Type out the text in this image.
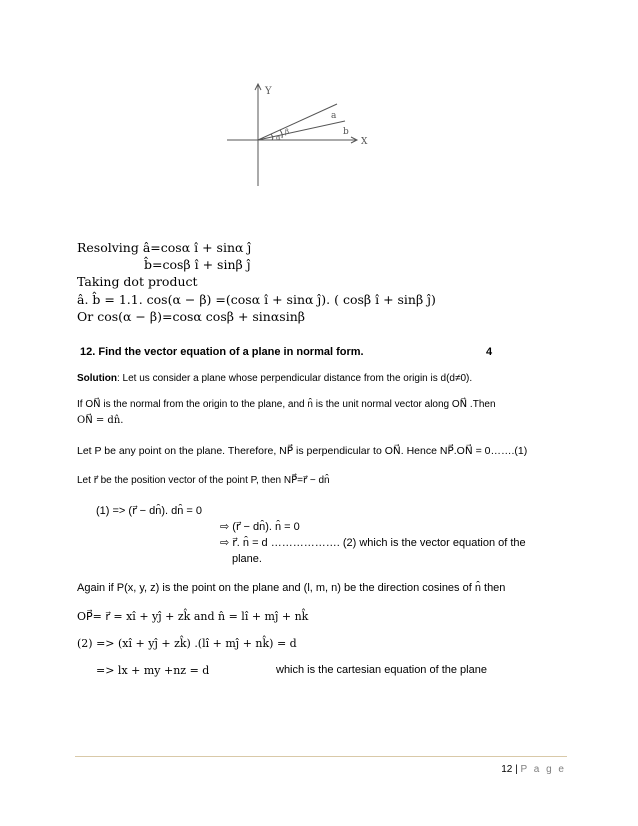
Y
X
a
b
α
β
Resolving â=cosα î + sinα ĵ
b̂=cosβ î + sinβ ĵ
Taking dot product
â. b̂ = 1.1. cos(α − β) =(cosα î + sinα ĵ). ( cosβ î + sinβ ĵ)
Or cos(α − β)=cosα cosβ + sinαsinβ
12. Find the vector equation of a plane in normal form.	4
Solution: Let us consider a plane whose perpendicular distance from the origin is d(d≠0).
If ON⃗ is the normal from the origin to the plane, and n̂ is the unit normal vector along ON⃗ .Then
ON⃗ = dn̂.
Let P be any point on the plane. Therefore, NP⃗ is perpendicular to ON⃗. Hence NP⃗.ON⃗ = 0…….(1)
Let r⃗ be the position vector of the point P, then NP⃗=r⃗ − dn̂
(1) => (r⃗ − dn̂). dn̂ = 0
⇨ (r⃗ − dn̂). n̂ = 0
⇨ r⃗. n̂ = d ………………. (2) which is the vector equation of the
plane.
Again if P(x, y, z) is the point on the plane and (l, m, n) be the direction cosines of n̂ then
OP⃗= r⃗ = xî + yĵ + zk̂ and n̂ = lî + mĵ + nk̂
(2) => (xî + yĵ + zk̂) .(lî + mĵ + nk̂) = d
=> lx + my +nz = d	which is the cartesian equation of the plane
12 | P a g e
